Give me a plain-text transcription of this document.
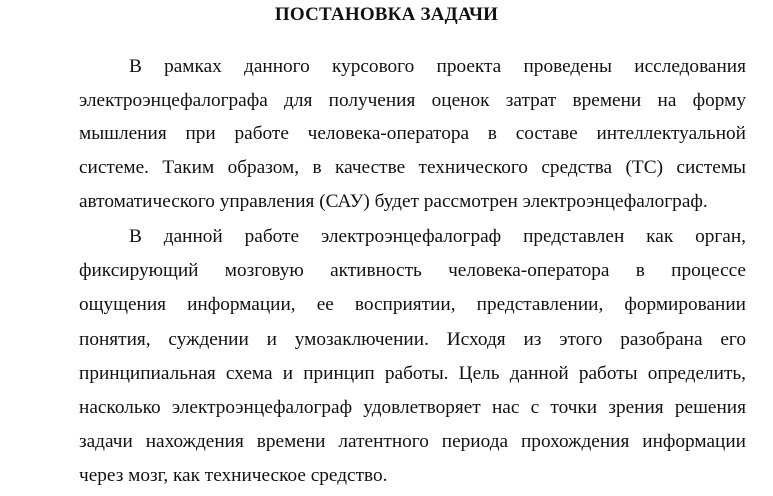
ПОСТАНОВКА ЗАДАЧИ
В рамках данного курсового проекта проведены исследования
электроэнцефалографа для получения оценок затрат времени на форму
мышления при работе человека-оператора в составе интеллектуальной
системе. Таким образом, в качестве технического средства (ТС) системы
автоматического управления (САУ) будет рассмотрен электроэнцефалограф.
В данной работе электроэнцефалограф представлен как орган,
фиксирующий мозговую активность человека-оператора в процессе
ощущения информации, ее восприятии, представлении, формировании
понятия, суждении и умозаключении. Исходя из этого разобрана его
принципиальная схема и принцип работы. Цель данной работы определить,
насколько электроэнцефалограф удовлетворяет нас с точки зрения решения
задачи нахождения времени латентного периода прохождения информации
через мозг, как техническое средство.
